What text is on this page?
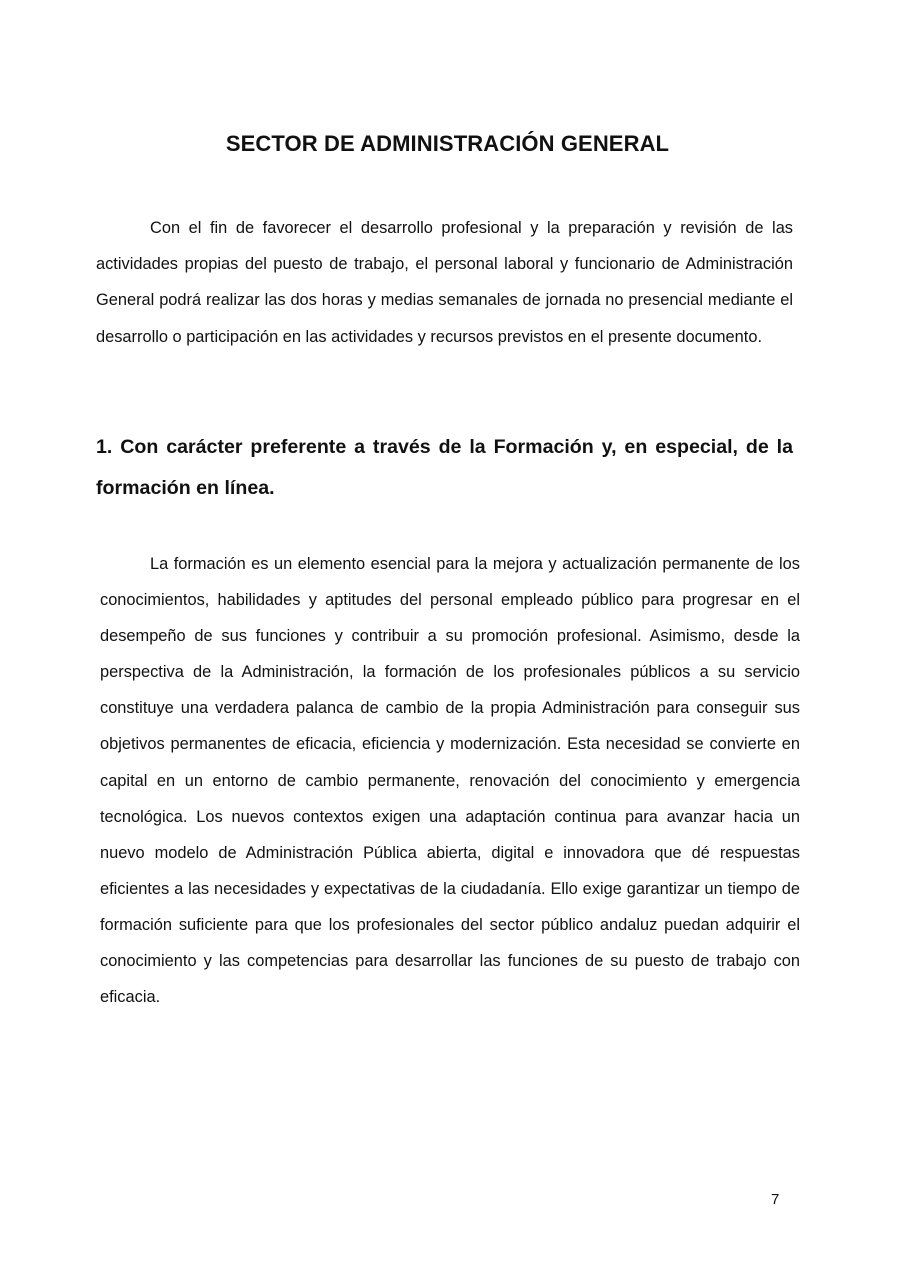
SECTOR DE ADMINISTRACIÓN GENERAL

Con el fin de favorecer el desarrollo profesional y la preparación y revisión de las actividades propias del puesto de trabajo, el personal laboral y funcionario de Administración General podrá realizar las dos horas y medias semanales de jornada no presencial mediante el desarrollo o participación en las actividades y recursos previstos en el presente documento.

1. Con carácter preferente a través de la Formación y, en especial, de la formación en línea.

La formación es un elemento esencial para la mejora y actualización permanente de los conocimientos, habilidades y aptitudes del personal empleado público para progresar en el desempeño de sus funciones y contribuir a su promoción profesional. Asimismo, desde la perspectiva de la Administración, la formación de los profesionales públicos a su servicio constituye una verdadera palanca de cambio de la propia Administración para conseguir sus objetivos permanentes de eficacia, eficiencia y modernización. Esta necesidad se convierte en capital en un entorno de cambio permanente, renovación del conocimiento y emergencia tecnológica. Los nuevos contextos exigen una adaptación continua para avanzar hacia un nuevo modelo de Administración Pública abierta, digital e innovadora que dé respuestas eficientes a las necesidades y expectativas de la ciudadanía. Ello exige garantizar un tiempo de formación suficiente para que los profesionales del sector público andaluz puedan adquirir el conocimiento y las competencias para desarrollar las funciones de su puesto de trabajo con eficacia.

7
